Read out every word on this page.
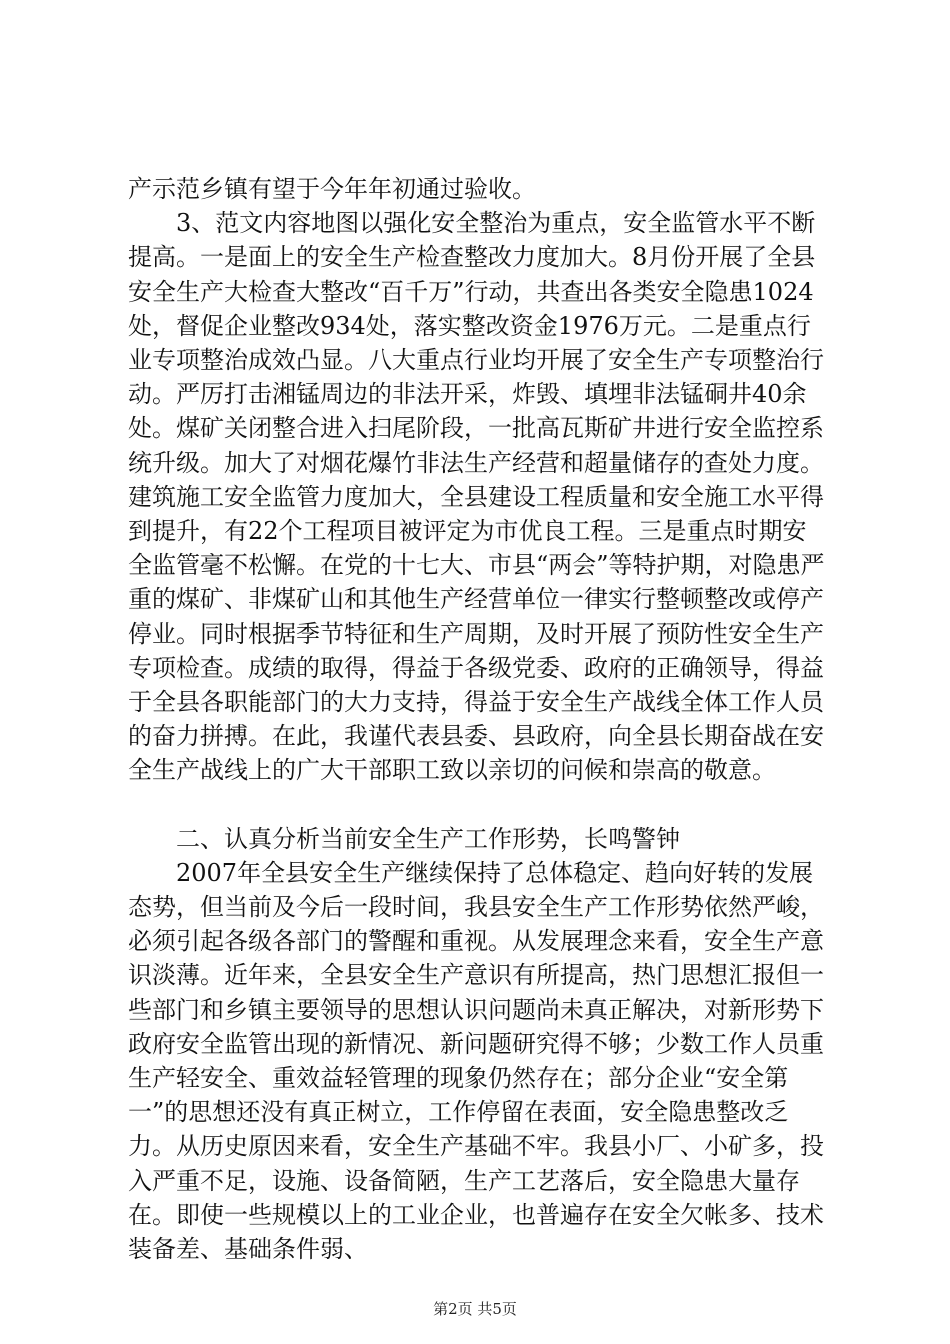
产示范乡镇有望于今年年初通过验收。

3、范文内容地图以强化安全整治为重点，安全监管水平不断提高。一是面上的安全生产检查整改力度加大。8月份开展了全县安全生产大检查大整改“百千万”行动，共查出各类安全隐患1024处，督促企业整改934处，落实整改资金1976万元。二是重点行业专项整治成效凸显。八大重点行业均开展了安全生产专项整治行动。严厉打击湘锰周边的非法开采，炸毁、填埋非法锰硐井40余处。煤矿关闭整合进入扫尾阶段，一批高瓦斯矿井进行安全监控系统升级。加大了对烟花爆竹非法生产经营和超量储存的查处力度。建筑施工安全监管力度加大，全县建设工程质量和安全施工水平得到提升，有22个工程项目被评定为市优良工程。三是重点时期安全监管毫不松懈。在党的十七大、市县“两会”等特护期，对隐患严重的煤矿、非煤矿山和其他生产经营单位一律实行整顿整改或停产停业。同时根据季节特征和生产周期，及时开展了预防性安全生产专项检查。成绩的取得，得益于各级党委、政府的正确领导，得益于全县各职能部门的大力支持，得益于安全生产战线全体工作人员的奋力拼搏。在此，我谨代表县委、县政府，向全县长期奋战在安全生产战线上的广大干部职工致以亲切的问候和崇高的敬意。

二、认真分析当前安全生产工作形势，长鸣警钟

2007年全县安全生产继续保持了总体稳定、趋向好转的发展态势，但当前及今后一段时间，我县安全生产工作形势依然严峻，必须引起各级各部门的警醒和重视。从发展理念来看，安全生产意识淡薄。近年来，全县安全生产意识有所提高，热门思想汇报但一些部门和乡镇主要领导的思想认识问题尚未真正解决，对新形势下政府安全监管出现的新情况、新问题研究得不够；少数工作人员重生产轻安全、重效益轻管理的现象仍然存在；部分企业“安全第一”的思想还没有真正树立，工作停留在表面，安全隐患整改乏力。从历史原因来看，安全生产基础不牢。我县小厂、小矿多，投入严重不足，设施、设备简陋，生产工艺落后，安全隐患大量存在。即使一些规模以上的工业企业，也普遍存在安全欠帐多、技术装备差、基础条件弱、

第2页 共5页
